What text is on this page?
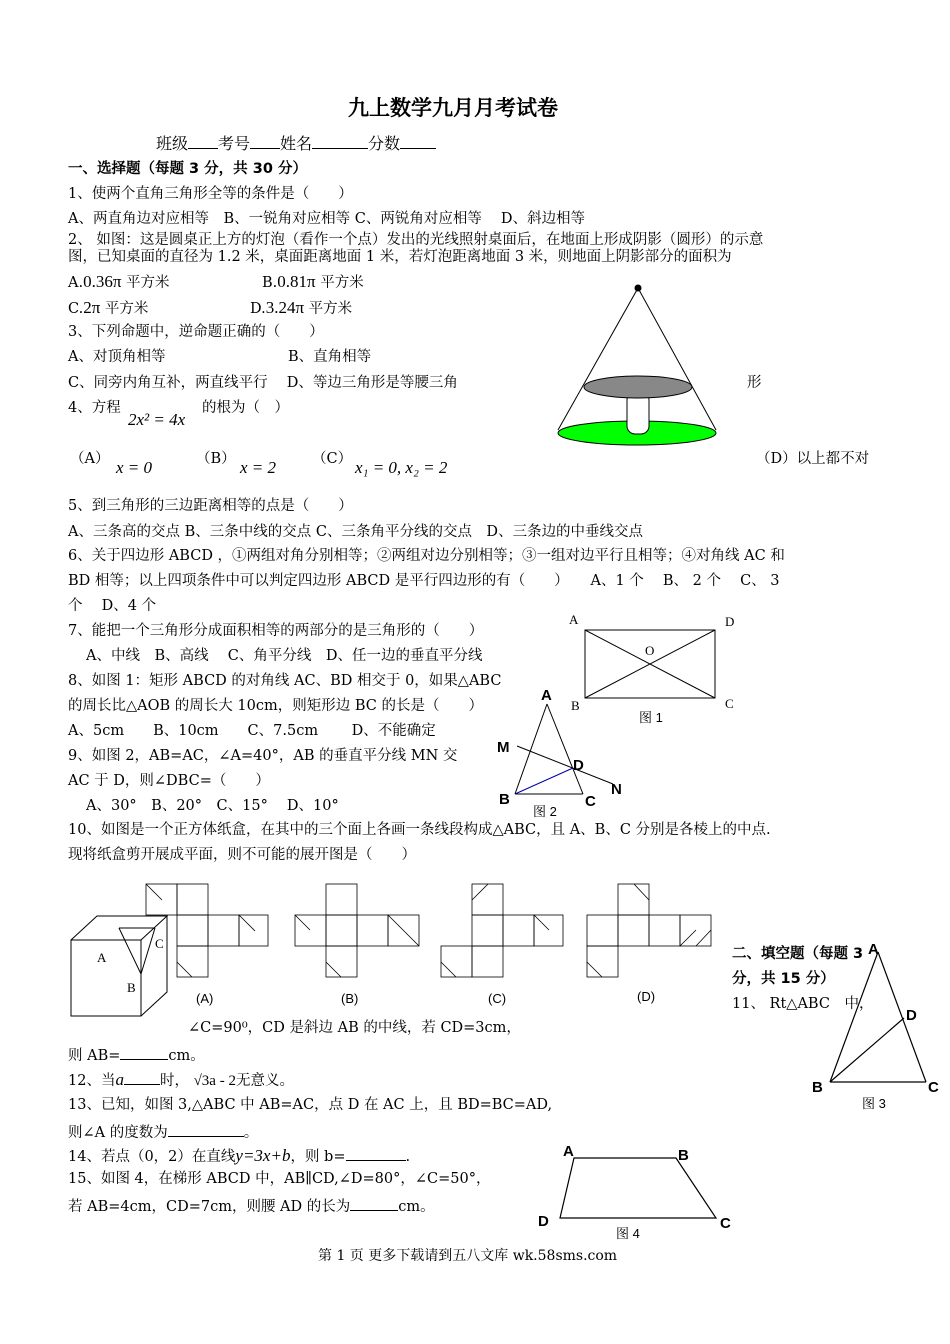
九上数学九月月考试卷
班级 考号 姓名	分数
一、选择题（每题 3 分，共 30 分）
1、使两个直角三角形全等的条件是（　　）
A、两直角边对应相等　B、一锐角对应相等 C、两锐角对应相等　 D、斜边相等
2、 如图：这是圆桌正上方的灯泡（看作一个点）发出的光线照射桌面后，在地面上形成阴影（圆形）的示意
图，已知桌面的直径为 1.2 米，桌面距离地面 1 米，若灯泡距离地面 3 米，则地面上阴影部分的面积为
A.0.36π 平方米	B.0.81π 平方米
C.2π 平方米	D.3.24π 平方米
3、下列命题中，逆命题正确的（　　）
A、对顶角相等	B、直角相等
C、同旁内角互补，两直线平行　 D、等边三角形是等腰三角	形
4、方程
2x² = 4x
的根为（　）
（A） x = 0	（B） x = 2 （C） x₁ = 0, x₂ = 2	（D）以上都不对
5、到三角形的三边距离相等的点是（　　）
A、三条高的交点 B、三条中线的交点 C、三条角平分线的交点　D、三条边的中垂线交点
6、关于四边形 ABCD ，①两组对角分别相等；②两组对边分别相等；③一组对边平行且相等；④对角线 AC 和
BD 相等；以上四项条件中可以判定四边形 ABCD 是平行四边形的有（　　）　　A、1 个　 B、 2 个　 C、 3
个　 D、4 个
7、能把一个三角形分成面积相等的两部分的是三角形的（　　）
A、中线　B、高线　 C、角平分线　D、任一边的垂直平分线
A	D
B	C
O
图 1
8、如图 1：矩形 ABCD 的对角线 AC、BD 相交于 0，如果△ABC
的周长比△AOB 的周长大 10cm，则矩形边 BC 的长是（　　）
A、5cm　　B、10cm　　C、7.5cm　　 D、不能确定
A
M
D
N
B	C
图 2
9、如图 2，AB=AC，∠A=40°，AB 的垂直平分线 MN 交
AC 于 D，则∠DBC=（　　）
A、30°　B、20°　C、15°　 D、10°
10、如图是一个正方体纸盒，在其中的三个面上各画一条线段构成△ABC，且 A、B、C 分别是各棱上的中点.
现将纸盒剪开展成平面，则不可能的展开图是（　　）
C
A
B
(A)	(B)	(C)	(D)
二、填空题（每题 3
分，共 15 分）
11、 Rt△ABC　中，
∠C=90⁰，CD 是斜边 AB 的中线，若 CD=3cm，
则 AB=	cm。
A
D
B	C
图 3
12、当a 时， √3a - 2无意义。
13、已知，如图 3,△ABC 中 AB=AC，点 D 在 AC 上，且 BD=BC=AD,
则∠A 的度数为	。
14、若点（0，2）在直线y=3x+b，则 b=	.	A	B
D	C
图 4
15、如图 4，在梯形 ABCD 中，AB∥CD,∠D=80°，∠C=50°，
若 AB=4cm，CD=7cm，则腰 AD 的长为	cm。
第 1 页 更多下载请到五八文库 wk.58sms.com
